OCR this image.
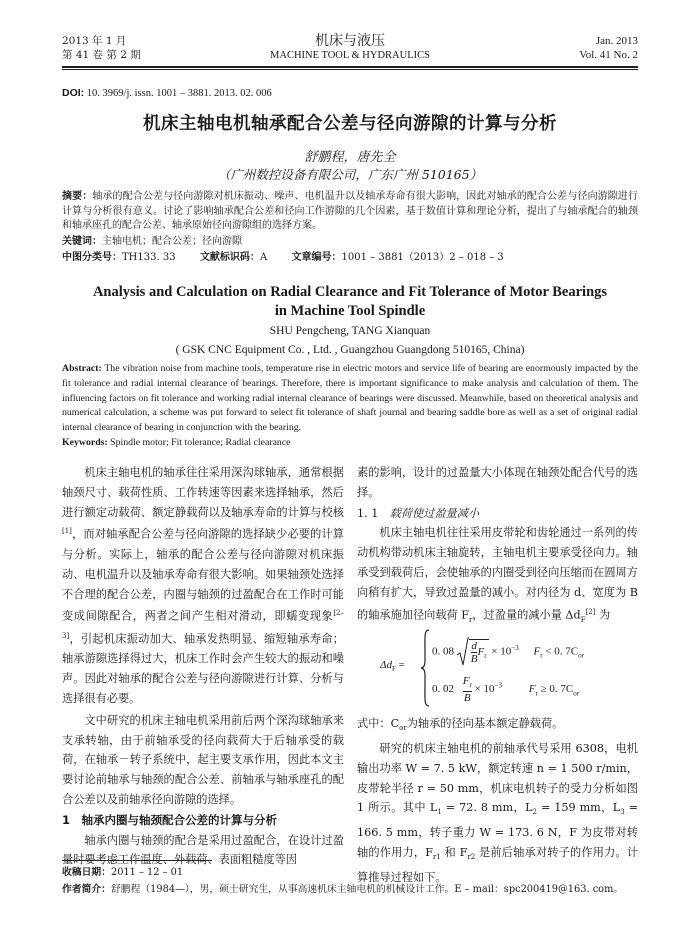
2013 年 1 月
第 41 卷 第 2 期
机床与液压
MACHINE TOOL & HYDRAULICS
Jan. 2013
Vol. 41 No. 2
DOI: 10. 3969/j. issn. 1001 – 3881. 2013. 02. 006
机床主轴电机轴承配合公差与径向游隙的计算与分析
舒鹏程，唐先全
（广州数控设备有限公司，广东广州 510165）
摘要：轴承的配合公差与径向游隙对机床振动、噪声、电机温升以及轴承寿命有很大影响，因此对轴承的配合公差与径向游隙进行计算与分析很有意义。讨论了影响轴承配合公差和径向工作游隙的几个因素，基于数值计算和理论分析，提出了与轴承配合的轴颈和轴承座孔的配合公差、轴承原始径向游隙组的选择方案。
关键词：主轴电机；配合公差；径向游隙
中图分类号：TH133. 33 文献标识码：A 文章编号：1001 – 3881（2013）2 – 018 – 3
Analysis and Calculation on Radial Clearance and Fit Tolerance of Motor Bearings
in Machine Tool Spindle
SHU Pengcheng, TANG Xianquan
( GSK CNC Equipment Co. , Ltd. , Guangzhou Guangdong 510165, China)
Abstract: The vibration noise from machine tools, temperature rise in electric motors and service life of bearing are enormously impacted by the fit tolerance and radial internal clearance of bearings. Therefore, there is important significance to make analysis and calculation of them. The influencing factors on fit tolerance and working radial internal clearance of bearings were discussed. Meanwhile, based on theoretical analysis and numerical calculation, a scheme was put forward to select fit tolerance of shaft journal and bearing saddle bore as well as a set of original radial internal clearance of bearing in conjunction with the bearing.
Keywords: Spindle motor; Fit tolerance; Radial clearance

机床主轴电机的轴承往往采用深沟球轴承，通常根据轴颈尺寸、载荷性质、工作转速等因素来选择轴承，然后进行额定动载荷、额定静载荷以及轴承寿命的计算与校核[1]，而对轴承配合公差与径向游隙的选择缺少必要的计算与分析。实际上，轴承的配合公差与径向游隙对机床振动、电机温升以及轴承寿命有很大影响。如果轴颈处选择不合理的配合公差，内圈与轴颈的过盈配合在工作时可能变成间隙配合，两者之间产生相对滑动，即蠕变现象[2–3]，引起机床振动加大、轴承发热明显、缩短轴承寿命；轴承游隙选择得过大，机床工作时会产生较大的振动和噪声。因此对轴承的配合公差与径向游隙进行计算、分析与选择很有必要。

文中研究的机床主轴电机采用前后两个深沟球轴承来支承转轴，由于前轴承受的径向载荷大于后轴承受的载荷，在轴承－转子系统中，起主要支承作用，因此本文主要讨论前轴承与轴颈的配合公差、前轴承与轴承座孔的配合公差以及前轴承径向游隙的选择。

1　轴承内圈与轴颈配合公差的计算与分析

轴承内圈与轴颈的配合是采用过盈配合，在设计过盈量时要考虑工作温度、外载荷、表面粗糙度等因

素的影响，设计的过盈量大小体现在轴颈处配合代号的选择。

1. 1　 载荷使过盈量减小

机床主轴电机往往采用皮带轮和齿轮通过一系列的传动机构带动机床主轴旋转，主轴电机主要承受径向力。轴承受到载荷后，会使轴承的内圈受到径向压缩而在圆周方向稍有扩大，导致过盈量的减小。对内径为 d、宽度为 B 的轴承施加径向载荷 $F_r$，过盈量的减小量 $\Delta d_F[2]$ 为

$\Delta d_F$ =
0. $08 \frac{d}{B} F_r \times 10^{-3}$ $F_r < 0$. $7C_{or}$
0. 02 $F_r$

B
× $10^{-3}$ $F_r \ge 0$. $7C_{or}$

式中：$C_{or}$为轴承的径向基本额定静载荷。

研究的机床主轴电机的前轴承代号采用 6308，电机输出功率 W = 7. 5 kW，额定转速 n = 1 500 r/min，皮带轮半径 r = 50 mm，机床电机转子的受力分析如图 1 所示。其中 $L_1 = 72$. 8 mm，$L_2 = 159$ mm，$L_3 = 166$. 5 mm，转子重力 W = 173. 6 N，F 为皮带对转轴的作用力，$F_{r1}$ 和 $F_{r2}$ 是前后轴承对转子的作用力。计算推导过程如下。

收稿日期：2011 – 12 – 01
作者简介：舒鹏程（1984—），男，硕士研究生，从事高速机床主轴电机的机械设计工作。E – mail：spc200419@163. com。
